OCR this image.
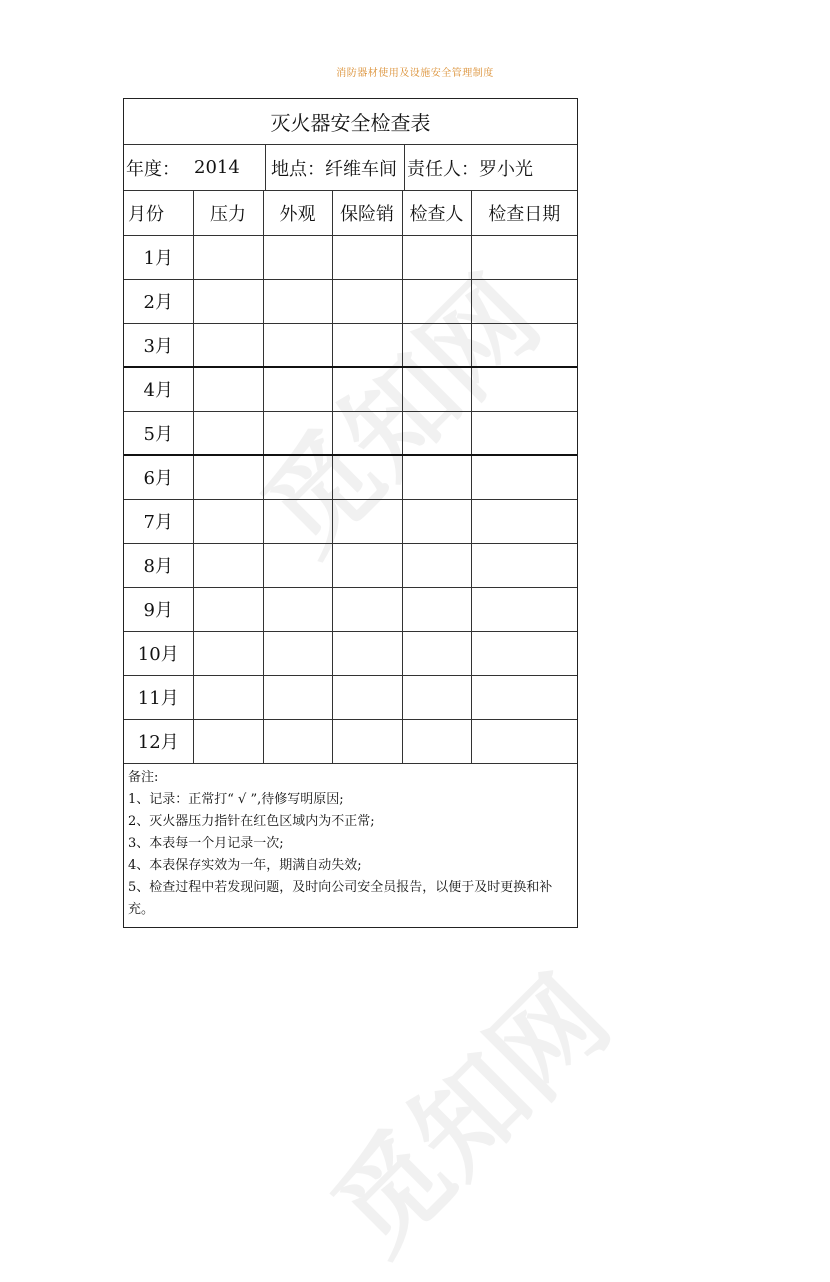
消防器材使用及设施安全管理制度
觅知网
觅知网
灭火器安全检查表
年度： 2014 地点： 纤维车间 责任人： 罗小光
月份	压力	外观	保险销	检查人	检查日期
1月					
2月					
3月					
4月					
5月					
6月					
7月					
8月					
9月					
10月					
11月					
12月					
备注:
1、记录：正常打“ √ ”,待修写明原因;
2、灭火器压力指针在红色区域内为不正常;
3、本表每一个月记录一次;
4、本表保存实效为一年，期满自动失效;
5、检查过程中若发现问题，及时向公司安全员报告，以便于及时更换和补充。
